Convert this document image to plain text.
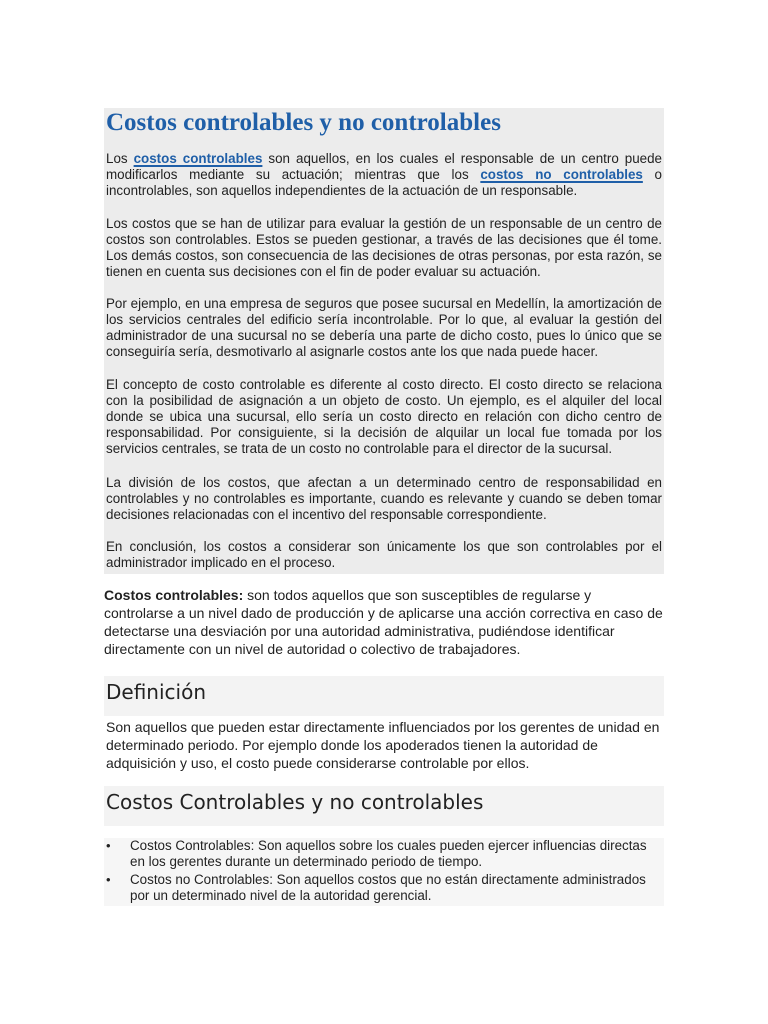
Costos controlables y no controlables

Los costos controlables son aquellos, en los cuales el responsable de un centro puede modificarlos mediante su actuación; mientras que los costos no controlables o incontrolables, son aquellos independientes de la actuación de un responsable.

Los costos que se han de utilizar para evaluar la gestión de un responsable de un centro de costos son controlables. Estos se pueden gestionar, a través de las decisiones que él tome. Los demás costos, son consecuencia de las decisiones de otras personas, por esta razón, se tienen en cuenta sus decisiones con el fin de poder evaluar su actuación.

Por ejemplo, en una empresa de seguros que posee sucursal en Medellín, la amortización de los servicios centrales del edificio sería incontrolable. Por lo que, al evaluar la gestión del administrador de una sucursal no se debería una parte de dicho costo, pues lo único que se conseguiría sería, desmotivarlo al asignarle costos ante los que nada puede hacer.

El concepto de costo controlable es diferente al costo directo. El costo directo se relaciona con la posibilidad de asignación a un objeto de costo. Un ejemplo, es el alquiler del local donde se ubica una sucursal, ello sería un costo directo en relación con dicho centro de responsabilidad. Por consiguiente, si la decisión de alquilar un local fue tomada por los servicios centrales, se trata de un costo no controlable para el director de la sucursal.

La división de los costos, que afectan a un determinado centro de responsabilidad en controlables y no controlables es importante, cuando es relevante y cuando se deben tomar decisiones relacionadas con el incentivo del responsable correspondiente.

En conclusión, los costos a considerar son únicamente los que son controlables por el administrador implicado en el proceso.

Costos controlables: son todos aquellos que son susceptibles de regularse y controlarse a un nivel dado de producción y de aplicarse una acción correctiva en caso de detectarse una desviación por una autoridad administrativa, pudiéndose identificar directamente con un nivel de autoridad o colectivo de trabajadores.

Definición

Son aquellos que pueden estar directamente influenciados por los gerentes de unidad en determinado periodo. Por ejemplo donde los apoderados tienen la autoridad de adquisición y uso, el costo puede considerarse controlable por ellos.

Costos Controlables y no controlables
• Costos Controlables: Son aquellos sobre los cuales pueden ejercer influencias directas en los gerentes durante un determinado periodo de tiempo.
• Costos no Controlables: Son aquellos costos que no están directamente administrados por un determinado nivel de la autoridad gerencial.
